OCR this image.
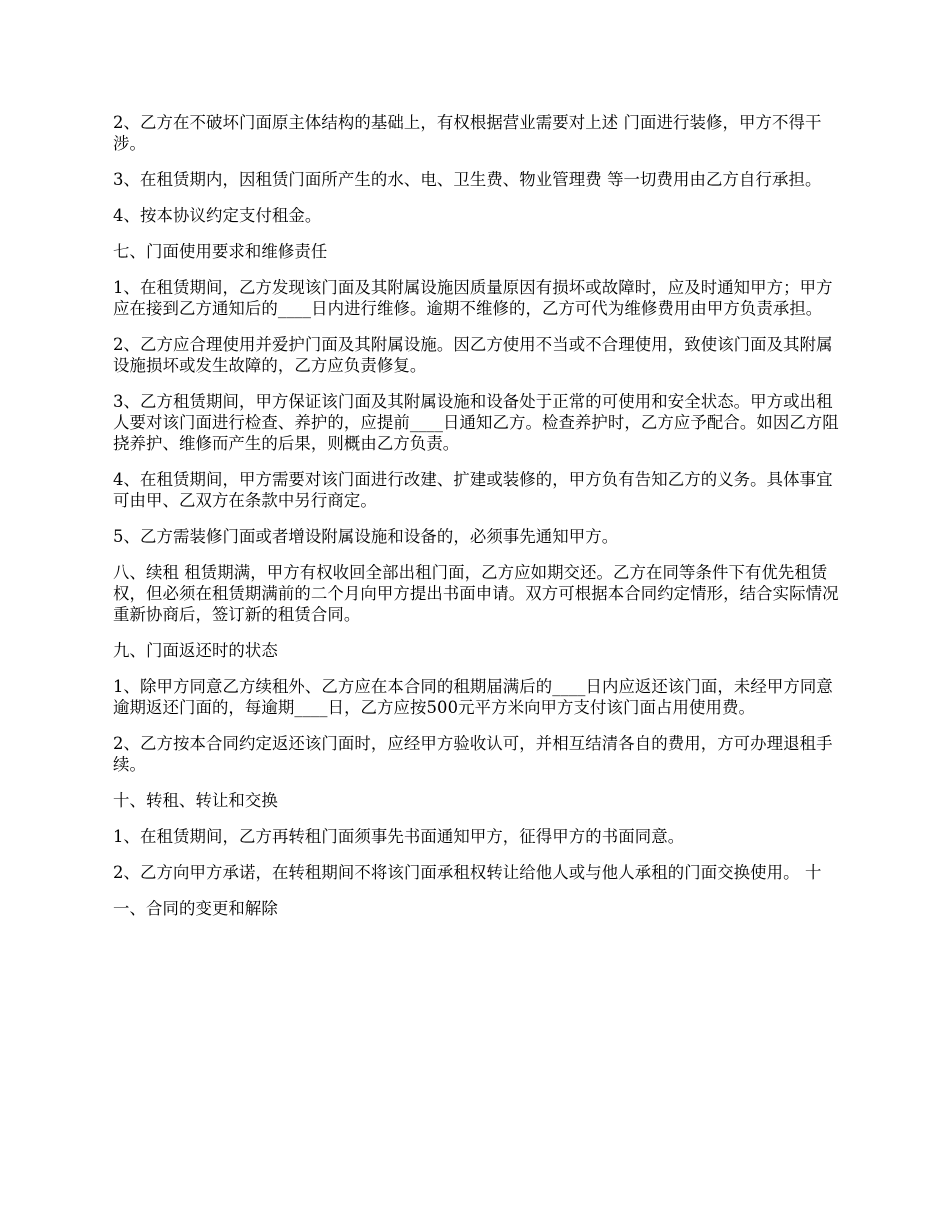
2、乙方在不破坏门面原主体结构的基础上，有权根据营业需要对上述 门面进行装修，甲方不得干涉。

3、在租赁期内，因租赁门面所产生的水、电、卫生费、物业管理费 等一切费用由乙方自行承担。

4、按本协议约定支付租金。

七、门面使用要求和维修责任

1、在租赁期间，乙方发现该门面及其附属设施因质量原因有损坏或故障时，应及时通知甲方；甲方应在接到乙方通知后的____日内进行维修。逾期不维修的，乙方可代为维修费用由甲方负责承担。

2、乙方应合理使用并爱护门面及其附属设施。因乙方使用不当或不合理使用，致使该门面及其附属设施损坏或发生故障的，乙方应负责修复。

3、乙方租赁期间，甲方保证该门面及其附属设施和设备处于正常的可使用和安全状态。甲方或出租人要对该门面进行检查、养护的，应提前____日通知乙方。检查养护时，乙方应予配合。如因乙方阻挠养护、维修而产生的后果，则概由乙方负责。

4、在租赁期间，甲方需要对该门面进行改建、扩建或装修的，甲方负有告知乙方的义务。具体事宜可由甲、乙双方在条款中另行商定。

5、乙方需装修门面或者增设附属设施和设备的，必须事先通知甲方。

八、续租 租赁期满，甲方有权收回全部出租门面，乙方应如期交还。乙方在同等条件下有优先租赁权，但必须在租赁期满前的二个月向甲方提出书面申请。双方可根据本合同约定情形，结合实际情况重新协商后，签订新的租赁合同。

九、门面返还时的状态

1、除甲方同意乙方续租外、乙方应在本合同的租期届满后的____日内应返还该门面，未经甲方同意逾期返还门面的，每逾期____日，乙方应按500元平方米向甲方支付该门面占用使用费。

2、乙方按本合同约定返还该门面时，应经甲方验收认可，并相互结清各自的费用，方可办理退租手续。

十、转租、转让和交换

1、在租赁期间，乙方再转租门面须事先书面通知甲方，征得甲方的书面同意。

2、乙方向甲方承诺，在转租期间不将该门面承租权转让给他人或与他人承租的门面交换使用。 十

一、合同的变更和解除
